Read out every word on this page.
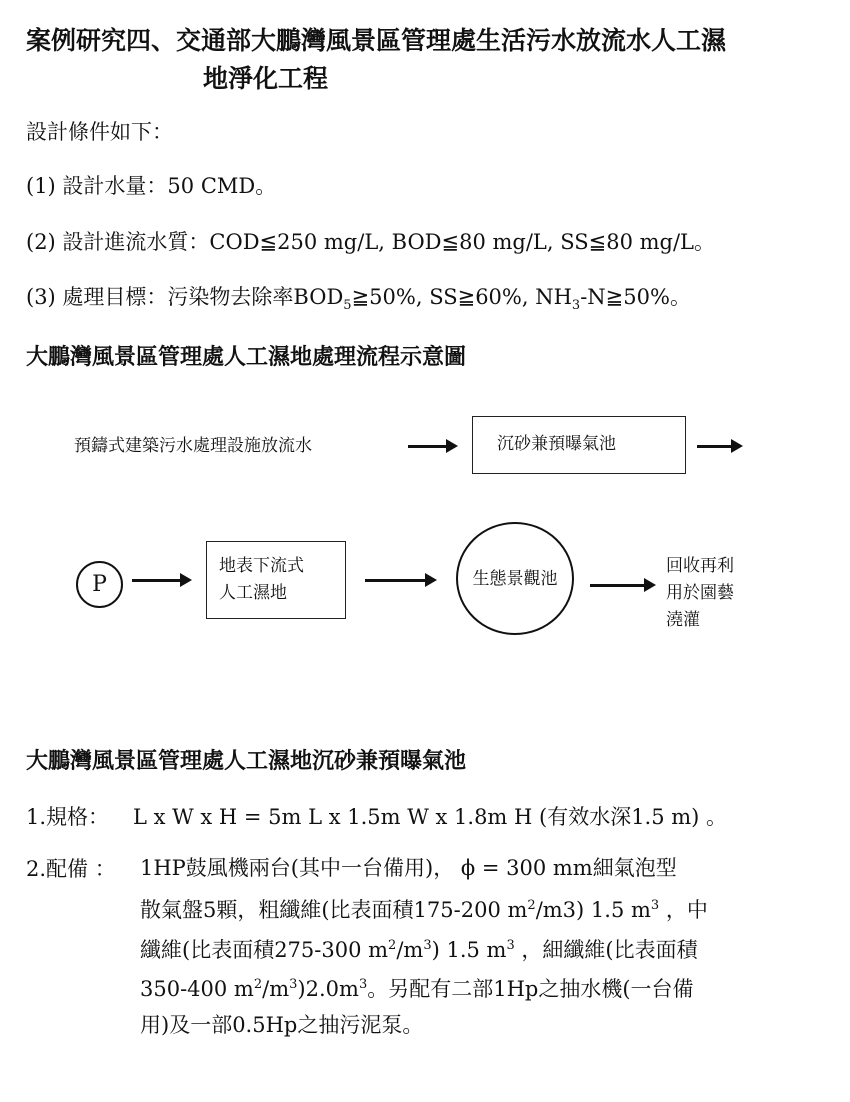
案例研究四、交通部大鵬灣風景區管理處生活污水放流水人工濕
地淨化工程
設計條件如下：
(1) 設計水量：50 CMD。
(2) 設計進流水質：COD≦250 mg/L, BOD≦80 mg/L, SS≦80 mg/L。
(3) 處理目標：污染物去除率$BOD_5≧50\%$, SS≧60%, $NH_3-N≧50\%$。
大鵬灣風景區管理處人工濕地處理流程示意圖
預鑄式建築污水處理設施放流水	沉砂兼預曝氣池
P
地表下流式
人工濕地
生態景觀池
回收再利
用於園藝
澆灌
大鵬灣風景區管理處人工濕地沉砂兼預曝氣池
1.規格： L x W x H = 5m L x 1.5m W x 1.8m H (有效水深1.5 m) 。
2.配備 ： 1HP鼓風機兩台(其中一台備用)， ϕ = 300 mm細氣泡型
散氣盤5顆，粗纖維(比表面積175-200 $m^2/m3$) 1.5 $m^3$ ，中
纖維(比表面積275-300 $m^2/m^3$) 1.5 $m^3$ ，細纖維(比表面積
350-400 $m^2/m^3)2.0m^3$。另配有二部1Hp之抽水機(一台備
用)及一部0.5Hp之抽污泥泵。
